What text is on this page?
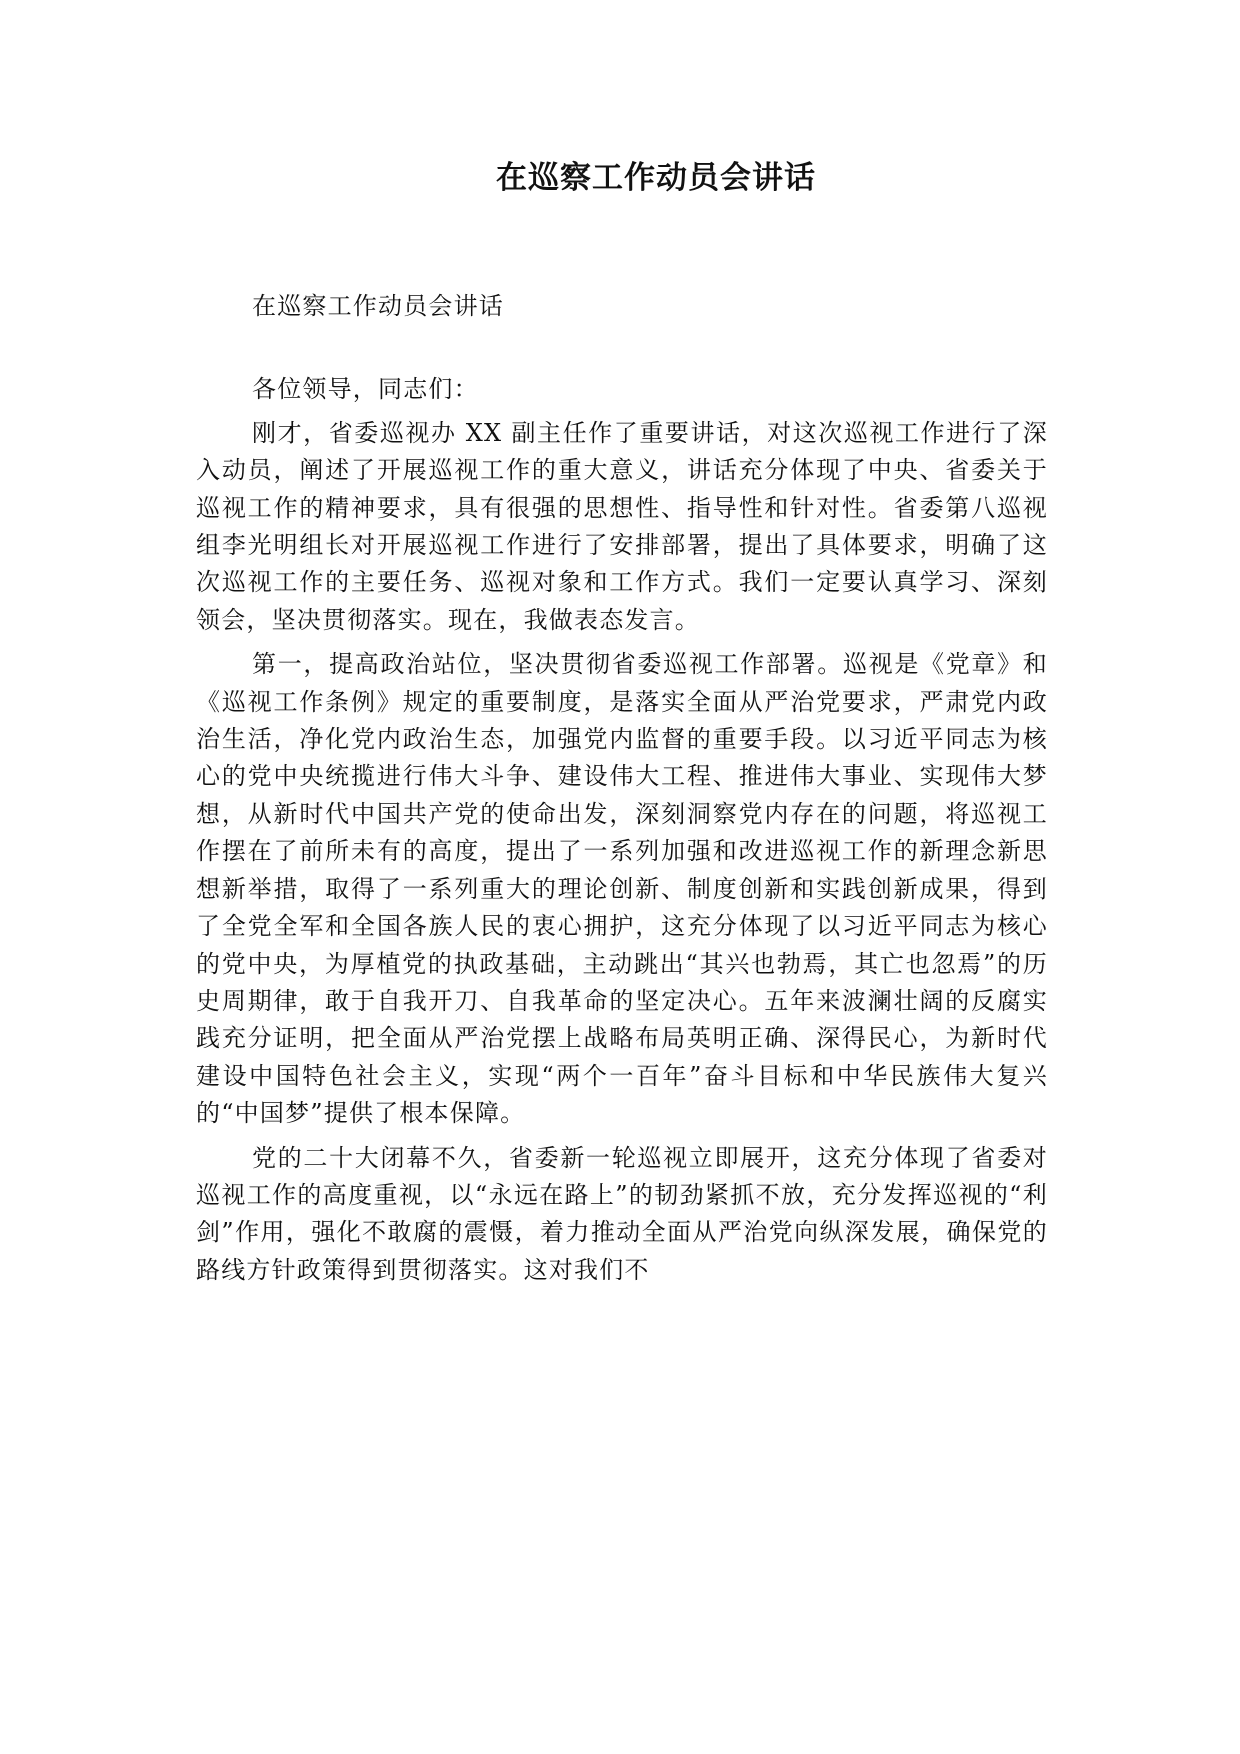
在巡察工作动员会讲话

在巡察工作动员会讲话

各位领导，同志们：

刚才，省委巡视办 XX 副主任作了重要讲话，对这次巡视工作进行了深入动员，阐述了开展巡视工作的重大意义，讲话充分体现了中央、省委关于巡视工作的精神要求，具有很强的思想性、指导性和针对性。省委第八巡视组李光明组长对开展巡视工作进行了安排部署，提出了具体要求，明确了这次巡视工作的主要任务、巡视对象和工作方式。我们一定要认真学习、深刻领会，坚决贯彻落实。现在，我做表态发言。

第一，提高政治站位，坚决贯彻省委巡视工作部署。巡视是《党章》和《巡视工作条例》规定的重要制度，是落实全面从严治党要求，严肃党内政治生活，净化党内政治生态，加强党内监督的重要手段。以习近平同志为核心的党中央统揽进行伟大斗争、建设伟大工程、推进伟大事业、实现伟大梦想，从新时代中国共产党的使命出发，深刻洞察党内存在的问题，将巡视工作摆在了前所未有的高度，提出了一系列加强和改进巡视工作的新理念新思想新举措，取得了一系列重大的理论创新、制度创新和实践创新成果，得到了全党全军和全国各族人民的衷心拥护，这充分体现了以习近平同志为核心的党中央，为厚植党的执政基础，主动跳出“其兴也勃焉，其亡也忽焉”的历史周期律，敢于自我开刀、自我革命的坚定决心。五年来波澜壮阔的反腐实践充分证明，把全面从严治党摆上战略布局英明正确、深得民心，为新时代建设中国特色社会主义，实现“两个一百年”奋斗目标和中华民族伟大复兴的“中国梦”提供了根本保障。

党的二十大闭幕不久，省委新一轮巡视立即展开，这充分体现了省委对巡视工作的高度重视，以“永远在路上”的韧劲紧抓不放，充分发挥巡视的“利剑”作用，强化不敢腐的震慑，着力推动全面从严治党向纵深发展，确保党的路线方针政策得到贯彻落实。这对我们不
